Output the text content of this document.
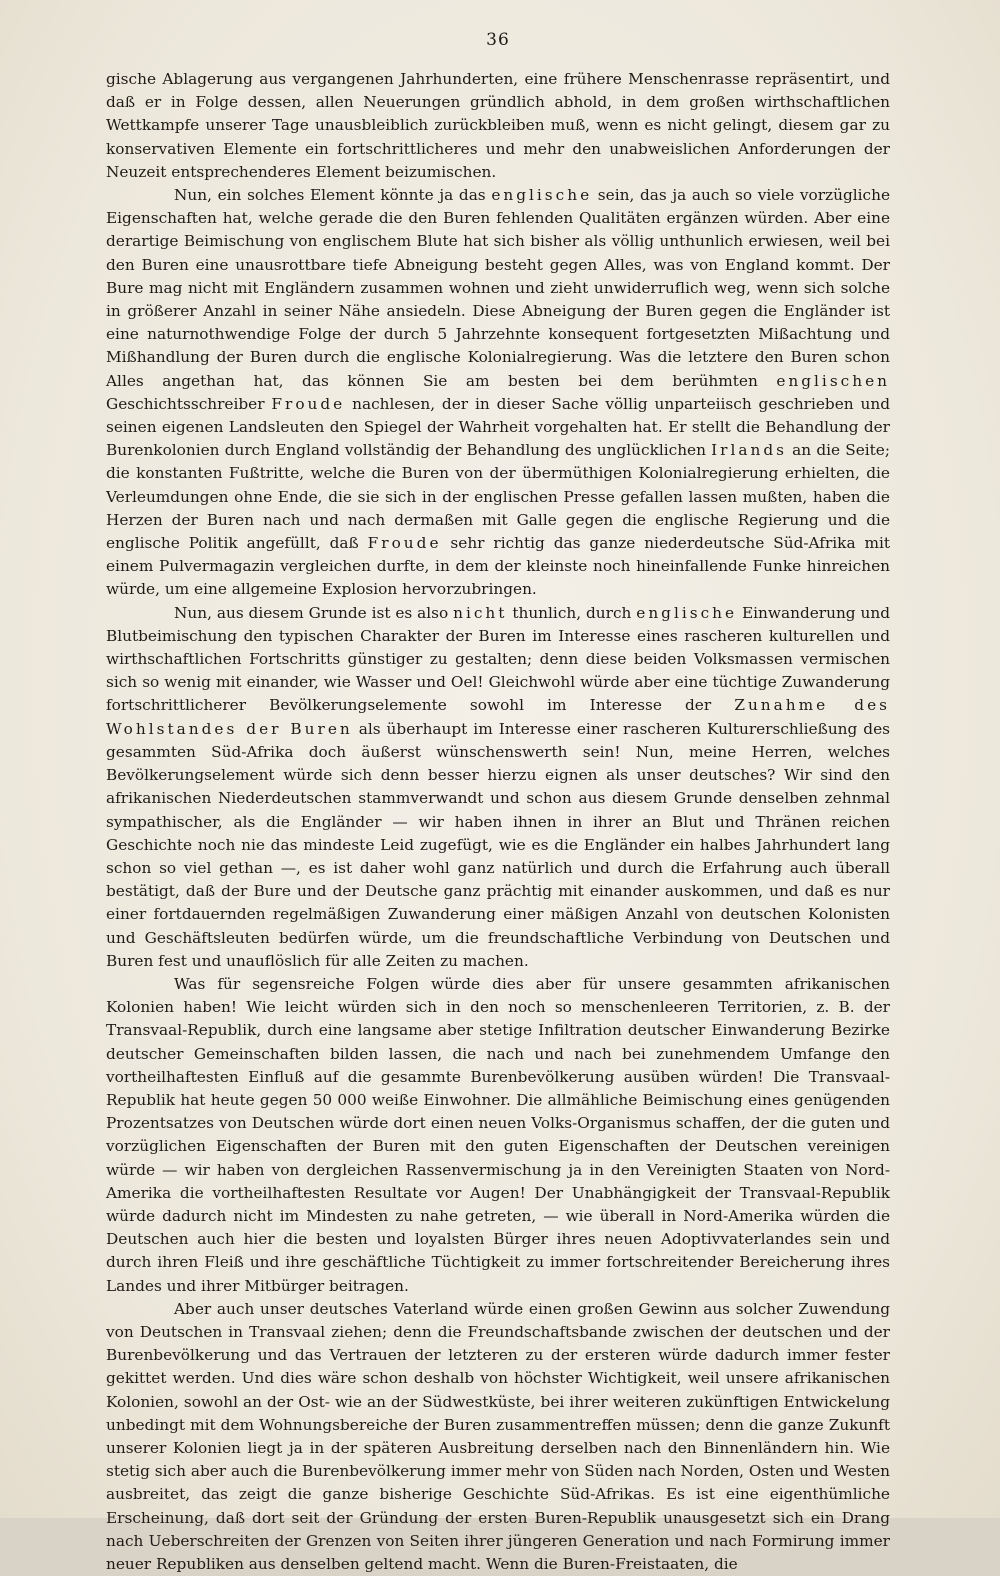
36

gische Ablagerung aus vergangenen Jahrhunderten, eine frühere Menschenrasse repräsentirt, und daß er in Folge dessen, allen Neuerungen gründlich abhold, in dem großen wirthschaftlichen Wettkampfe unserer Tage unausbleiblich zurückbleiben muß, wenn es nicht gelingt, diesem gar zu konservativen Elemente ein fortschrittlicheres und mehr den unabweislichen Anforderungen der Neuzeit entsprechenderes Element beizumischen.

Nun, ein solches Element könnte ja das englische sein, das ja auch so viele vorzügliche Eigenschaften hat, welche gerade die den Buren fehlenden Qualitäten ergänzen würden. Aber eine derartige Beimischung von englischem Blute hat sich bisher als völlig unthunlich erwiesen, weil bei den Buren eine unausrottbare tiefe Abneigung besteht gegen Alles, was von England kommt. Der Bure mag nicht mit Engländern zusammen wohnen und zieht unwiderruflich weg, wenn sich solche in größerer Anzahl in seiner Nähe ansiedeln. Diese Abneigung der Buren gegen die Engländer ist eine naturnothwendige Folge der durch 5 Jahrzehnte konsequent fortgesetzten Mißachtung und Mißhandlung der Buren durch die englische Kolonialregierung. Was die letztere den Buren schon Alles angethan hat, das können Sie am besten bei dem berühmten englischen Geschichtsschreiber Froude nachlesen, der in dieser Sache völlig unparteiisch geschrieben und seinen eigenen Landsleuten den Spiegel der Wahrheit vorgehalten hat. Er stellt die Behandlung der Burenkolonien durch England vollständig der Behandlung des unglücklichen Irlands an die Seite; die konstanten Fußtritte, welche die Buren von der übermüthigen Kolonialregierung erhielten, die Verleumdungen ohne Ende, die sie sich in der englischen Presse gefallen lassen mußten, haben die Herzen der Buren nach und nach dermaßen mit Galle gegen die englische Regierung und die englische Politik angefüllt, daß Froude sehr richtig das ganze niederdeutsche Süd-Afrika mit einem Pulvermagazin vergleichen durfte, in dem der kleinste noch hineinfallende Funke hinreichen würde, um eine allgemeine Explosion hervorzubringen.

Nun, aus diesem Grunde ist es also nicht thunlich, durch englische Einwanderung und Blutbeimischung den typischen Charakter der Buren im Interesse eines rascheren kulturellen und wirthschaftlichen Fortschritts günstiger zu gestalten; denn diese beiden Volksmassen vermischen sich so wenig mit einander, wie Wasser und Oel! Gleichwohl würde aber eine tüchtige Zuwanderung fortschrittlicherer Bevölkerungselemente sowohl im Interesse der Zunahme des Wohlstandes der Buren als überhaupt im Interesse einer rascheren Kulturerschließung des gesammten Süd-Afrika doch äußerst wünschenswerth sein! Nun, meine Herren, welches Bevölkerungselement würde sich denn besser hierzu eignen als unser deutsches? Wir sind den afrikanischen Niederdeutschen stammverwandt und schon aus diesem Grunde denselben zehnmal sympathischer, als die Engländer — wir haben ihnen in ihrer an Blut und Thränen reichen Geschichte noch nie das mindeste Leid zugefügt, wie es die Engländer ein halbes Jahrhundert lang schon so viel gethan —, es ist daher wohl ganz natürlich und durch die Erfahrung auch überall bestätigt, daß der Bure und der Deutsche ganz prächtig mit einander auskommen, und daß es nur einer fortdauernden regelmäßigen Zuwanderung einer mäßigen Anzahl von deutschen Kolonisten und Geschäftsleuten bedürfen würde, um die freundschaftliche Verbindung von Deutschen und Buren fest und unauflöslich für alle Zeiten zu machen.

Was für segensreiche Folgen würde dies aber für unsere gesammten afrikanischen Kolonien haben! Wie leicht würden sich in den noch so menschenleeren Territorien, z. B. der Transvaal-Republik, durch eine langsame aber stetige Infiltration deutscher Einwanderung Bezirke deutscher Gemeinschaften bilden lassen, die nach und nach bei zunehmendem Umfange den vortheilhaftesten Einfluß auf die gesammte Burenbevölkerung ausüben würden! Die Transvaal-Republik hat heute gegen 50 000 weiße Einwohner. Die allmähliche Beimischung eines genügenden Prozentsatzes von Deutschen würde dort einen neuen Volks-Organismus schaffen, der die guten und vorzüglichen Eigenschaften der Buren mit den guten Eigenschaften der Deutschen vereinigen würde — wir haben von dergleichen Rassenvermischung ja in den Vereinigten Staaten von Nord-Amerika die vortheilhaftesten Resultate vor Augen! Der Unabhängigkeit der Transvaal-Republik würde dadurch nicht im Mindesten zu nahe getreten, — wie überall in Nord-Amerika würden die Deutschen auch hier die besten und loyalsten Bürger ihres neuen Adoptivvaterlandes sein und durch ihren Fleiß und ihre geschäftliche Tüchtigkeit zu immer fortschreitender Bereicherung ihres Landes und ihrer Mitbürger beitragen.

Aber auch unser deutsches Vaterland würde einen großen Gewinn aus solcher Zuwendung von Deutschen in Transvaal ziehen; denn die Freundschaftsbande zwischen der deutschen und der Burenbevölkerung und das Vertrauen der letzteren zu der ersteren würde dadurch immer fester gekittet werden. Und dies wäre schon deshalb von höchster Wichtigkeit, weil unsere afrikanischen Kolonien, sowohl an der Ost- wie an der Südwestküste, bei ihrer weiteren zukünftigen Entwickelung unbedingt mit dem Wohnungsbereiche der Buren zusammentreffen müssen; denn die ganze Zukunft unserer Kolonien liegt ja in der späteren Ausbreitung derselben nach den Binnenländern hin. Wie stetig sich aber auch die Burenbevölkerung immer mehr von Süden nach Norden, Osten und Westen ausbreitet, das zeigt die ganze bisherige Geschichte Süd-Afrikas. Es ist eine eigenthümliche Erscheinung, daß dort seit der Gründung der ersten Buren-Republik unausgesetzt sich ein Drang nach Ueberschreiten der Grenzen von Seiten ihrer jüngeren Generation und nach Formirung immer neuer Republiken aus denselben geltend macht. Wenn die Buren-Freistaaten, die
